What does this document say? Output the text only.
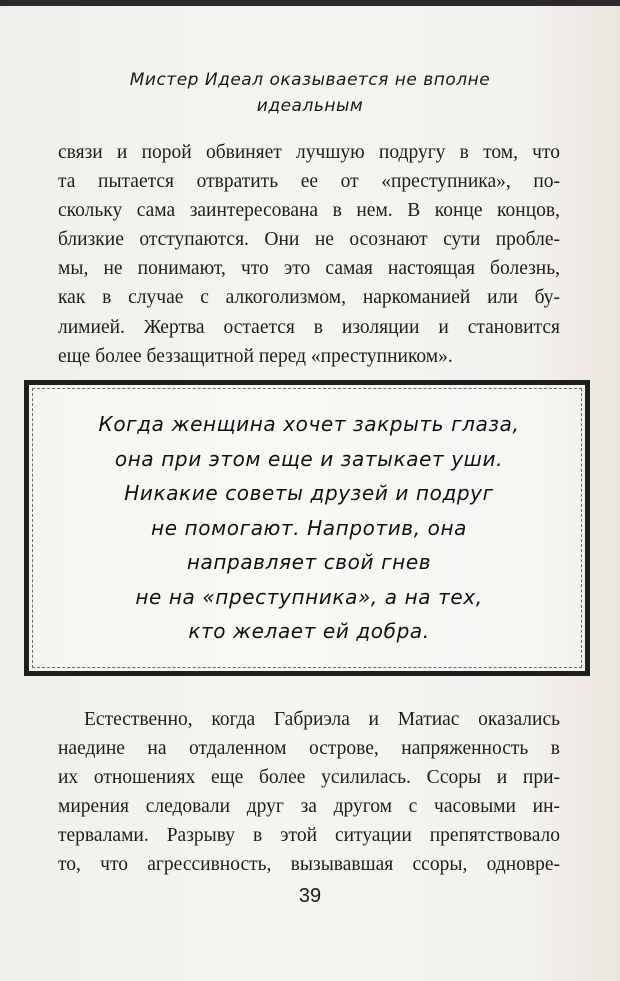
Мистер Идеал оказывается не вполне
идеальным
связи и порой обвиняет лучшую подругу в том, что
та пытается отвратить ее от «преступника», по-
скольку сама заинтересована в нем. В конце концов,
близкие отступаются. Они не осознают сути пробле-
мы, не понимают, что это самая настоящая болезнь,
как в случае с алкоголизмом, наркоманией или бу-
лимией. Жертва остается в изоляции и становится
еще более беззащитной перед «преступником».
Когда женщина хочет закрыть глаза,
она при этом еще и затыкает уши.
Никакие советы друзей и подруг
не помогают. Напротив, она
направляет свой гнев
не на «преступника», а на тех,
кто желает ей добра.
Естественно, когда Габриэла и Матиас оказались
наедине на отдаленном острове, напряженность в
их отношениях еще более усилилась. Ссоры и при-
мирения следовали друг за другом с часовыми ин-
тервалами. Разрыву в этой ситуации препятствовало
то, что агрессивность, вызывавшая ссоры, одновре-
39
